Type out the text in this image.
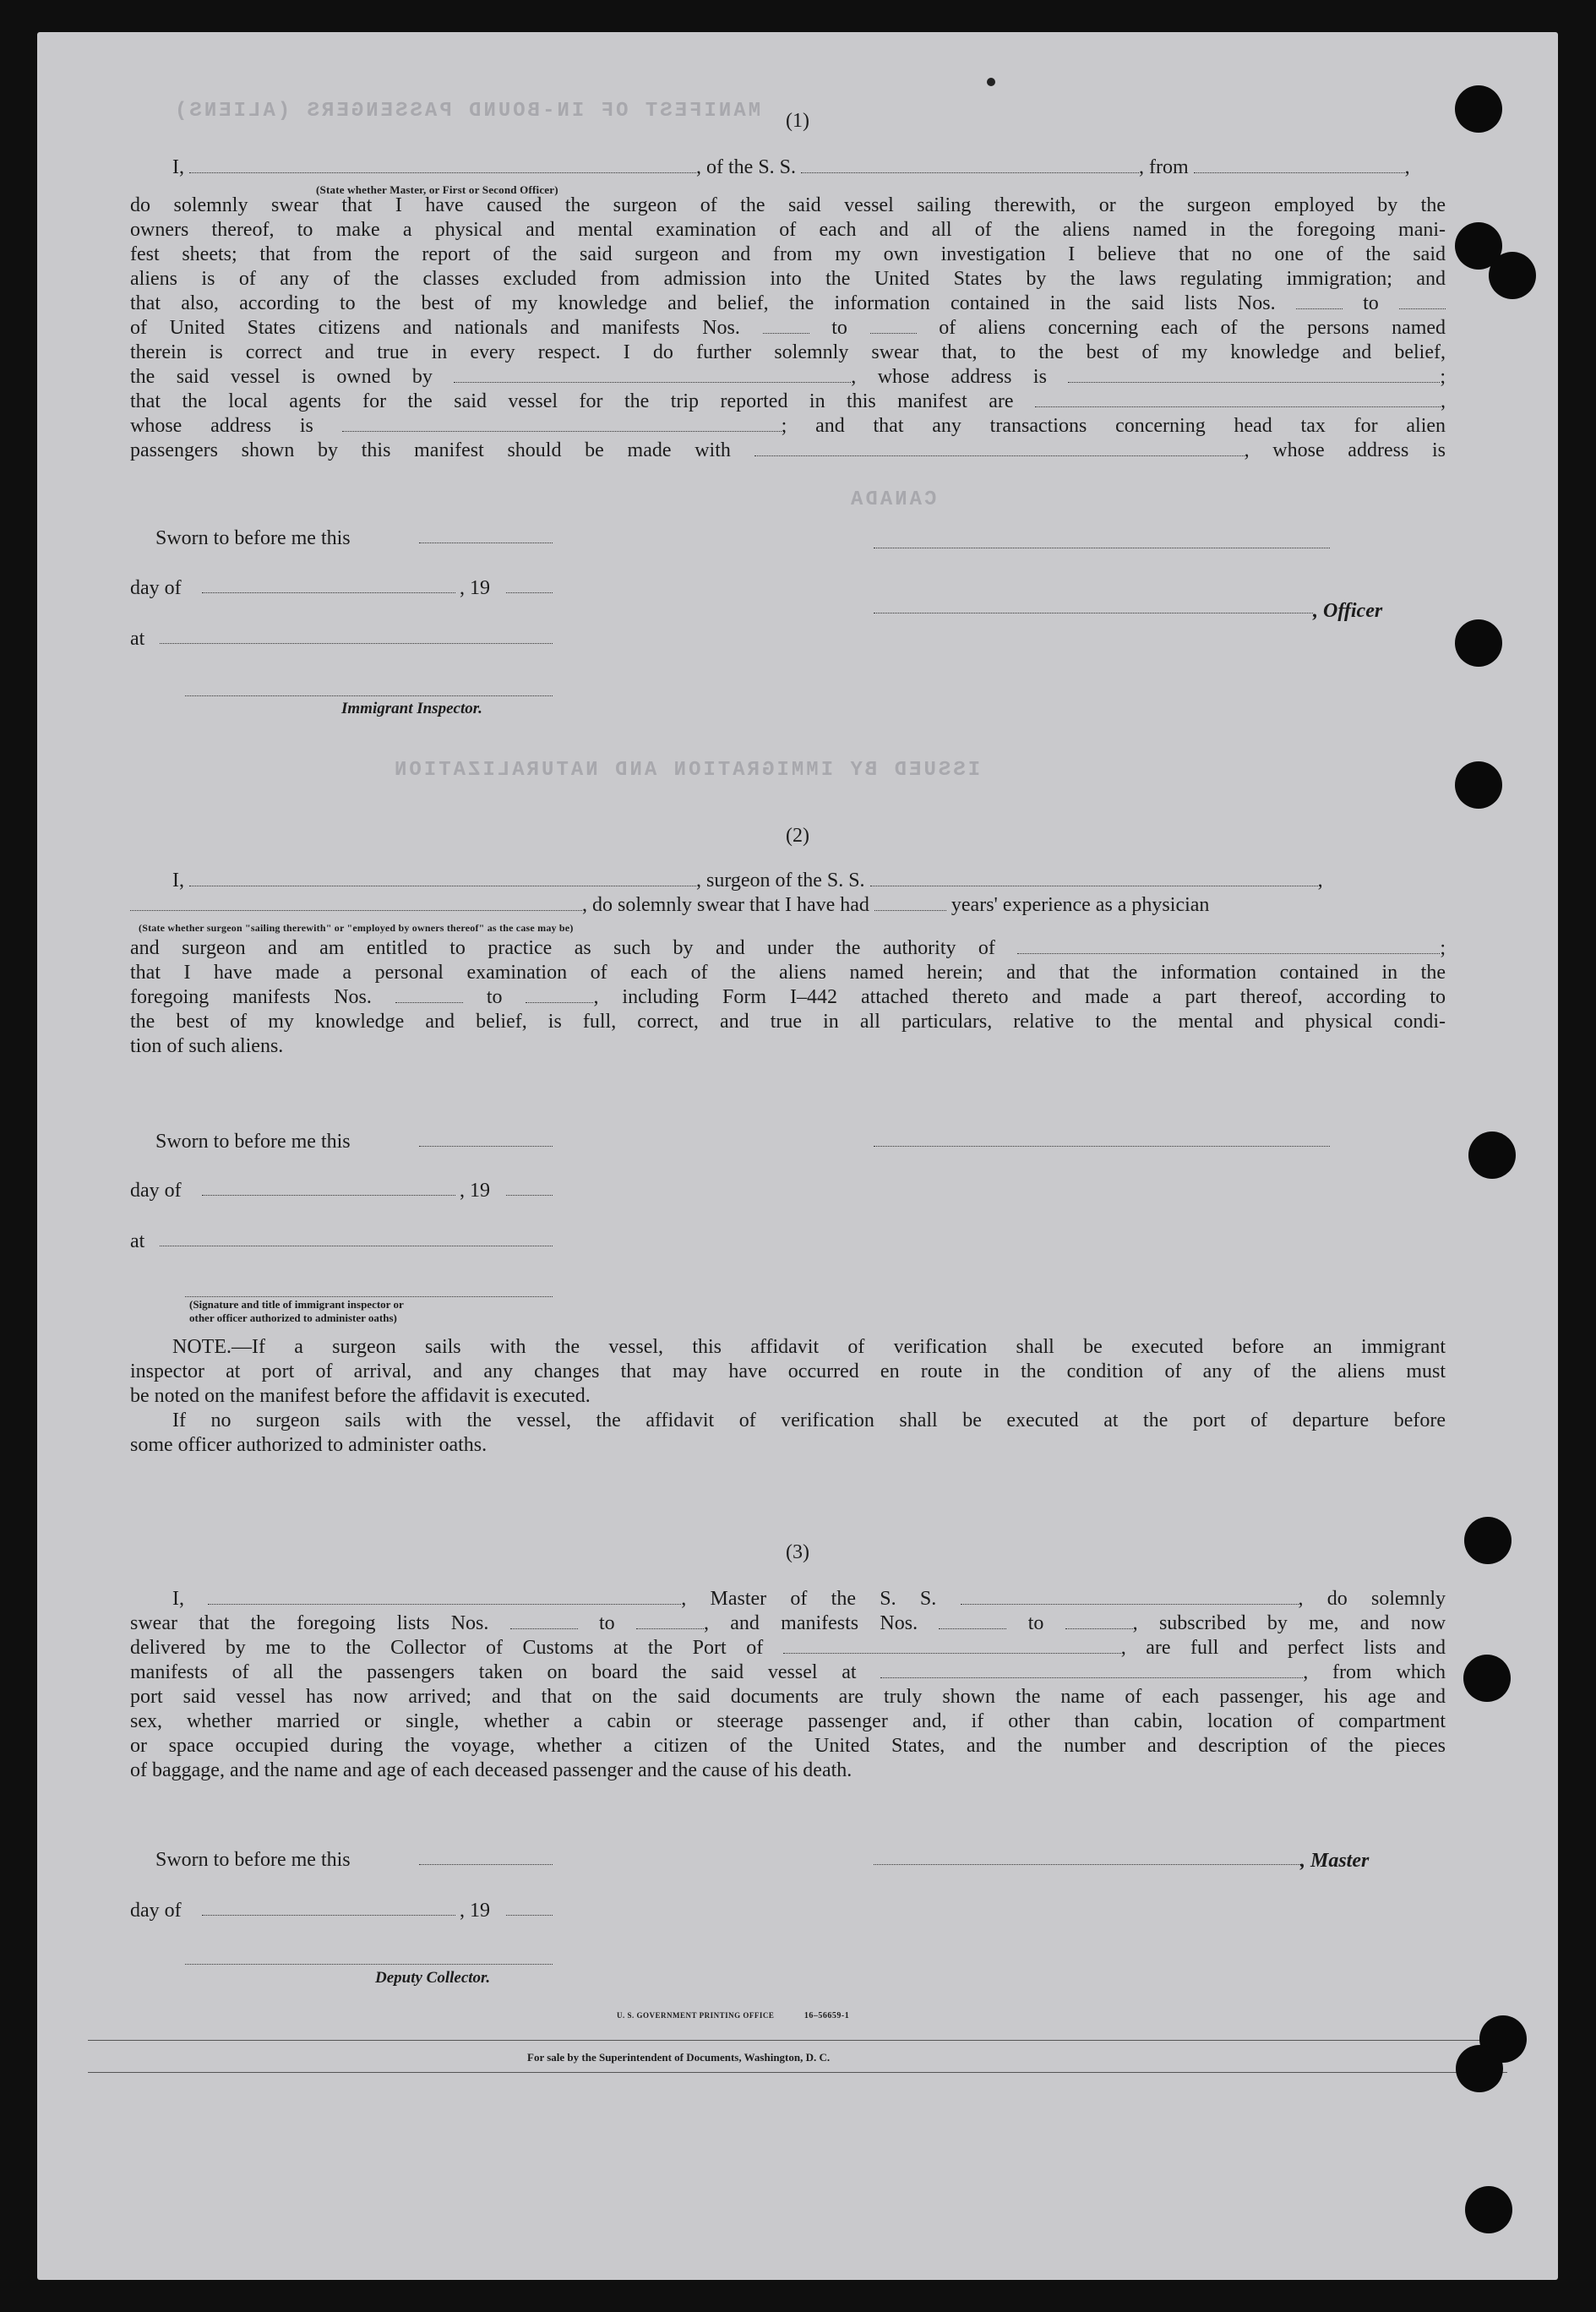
MANIFEST OF IN-BOUND PASSENGERS (ALIENS)
CANADA
ISSUED BY IMMIGRATION AND NATURALIZATION
(1)

I,	, of the S. S.	, from	,

(State whether Master, or First or Second Officer)

do solemnly swear that I have caused the surgeon of the said vessel sailing therewith, or the surgeon employed by the

owners thereof, to make a physical and mental examination of each and all of the aliens named in the foregoing mani-

fest sheets; that from the report of the said surgeon and from my own investigation I believe that no one of the said

aliens is of any of the classes excluded from admission into the United States by the laws regulating immigration; and

that also, according to the best of my knowledge and belief, the information contained in the said lists Nos.	to

of United States citizens and nationals and manifests Nos.	to	of aliens concerning each of the persons named

therein is correct and true in every respect. I do further solemnly swear that, to the best of my knowledge and belief,

the said vessel is owned by	, whose address is	;

that the local agents for the said vessel for the trip reported in this manifest are	,

whose address is	; and that any transactions concerning head tax for alien

passengers shown by this manifest should be made with	, whose address is

Sworn to before me this
day of	, 19
at
Immigrant Inspector.
, Officer
(2)

I,	, surgeon of the S. S.	,

, do solemnly swear that I have had	years' experience as a physician

(State whether surgeon "sailing therewith" or "employed by owners thereof" as the case may be)

and surgeon and am entitled to practice as such by and under the authority of	;

that I have made a personal examination of each of the aliens named herein; and that the information contained in the

foregoing manifests Nos.	to	, including Form I–442 attached thereto and made a part thereof, according to

the best of my knowledge and belief, is full, correct, and true in all particulars, relative to the mental and physical condi-

tion of such aliens.

Sworn to before me this
day of	, 19
at
(Signature and title of immigrant inspector or
other officer authorized to administer oaths)

NOTE.—If a surgeon sails with the vessel, this affidavit of verification shall be executed before an immigrant

inspector at port of arrival, and any changes that may have occurred en route in the condition of any of the aliens must

be noted on the manifest before the affidavit is executed.

If no surgeon sails with the vessel, the affidavit of verification shall be executed at the port of departure before

some officer authorized to administer oaths.

(3)

I,	, Master of the S. S.	, do solemnly

swear that the foregoing lists Nos.	to	, and manifests Nos.	to	, subscribed by me, and now

delivered by me to the Collector of Customs at the Port of	, are full and perfect lists and

manifests of all the passengers taken on board the said vessel at	, from which

port said vessel has now arrived; and that on the said documents are truly shown the name of each passenger, his age and

sex, whether married or single, whether a cabin or steerage passenger and, if other than cabin, location of compartment

or space occupied during the voyage, whether a citizen of the United States, and the number and description of the pieces

of baggage, and the name and age of each deceased passenger and the cause of his death.

Sworn to before me this	, Master
day of	, 19
Deputy Collector.
U. S. GOVERNMENT PRINTING OFFICE	16–56659-1
For sale by the Superintendent of Documents, Washington, D. C.
